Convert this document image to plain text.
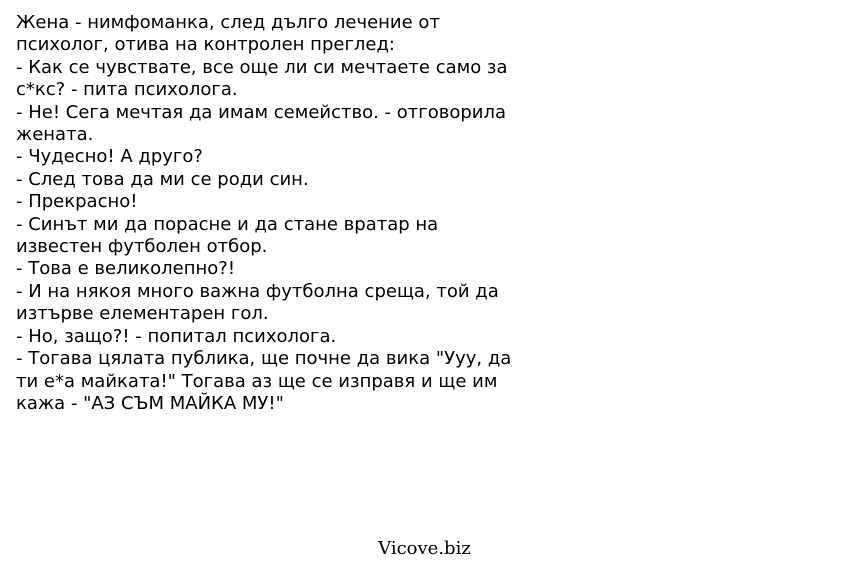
Жена - нимфоманка, след дълго лечение от
психолог, отива на контролен преглед:
- Как се чувствате, все още ли си мечтаете само за
с*кс? - пита психолога.
- Не! Сега мечтая да имам семейство. - отговорила
жената.
- Чудесно! А друго?
- След това да ми се роди син.
- Прекрасно!
- Синът ми да порасне и да стане вратар на
известен футболен отбор.
- Това е великолепно?!
- И на някоя много важна футболна среща, той да
изтърве елементарен гол.
- Но, защо?! - попитал психолога.
- Тогава цялата публика, ще почне да вика "Ууу, да
ти е*а майката!" Тогава аз ще се изправя и ще им
кажа - "АЗ СЪМ МАЙКА МУ!"
Vicove.biz
